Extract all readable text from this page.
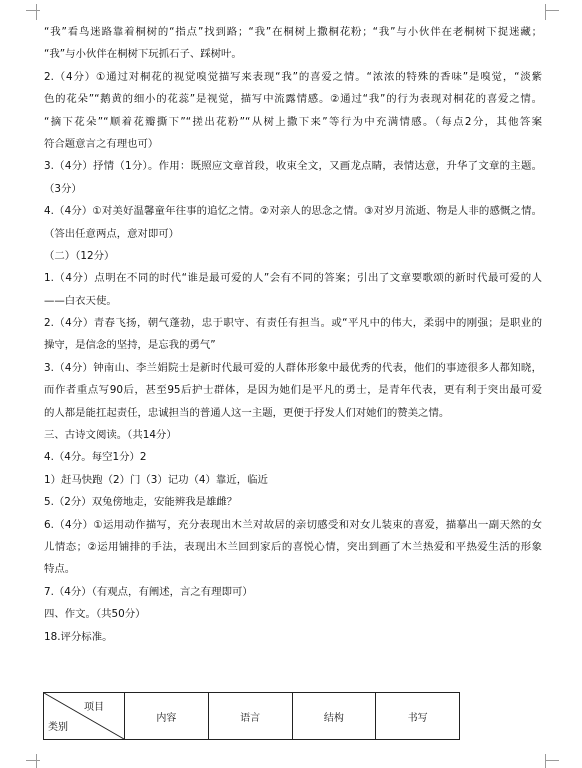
“我”看鸟迷路靠着桐树的“指点”找到路；“我”在桐树上撒桐花粉；“我”与小伙伴在老桐树下捉迷藏；
“我”与小伙伴在桐树下玩抓石子、踩树叶。
2.（4分）①通过对桐花的视觉嗅觉描写来表现“我”的喜爱之情。“浓浓的特殊的香味”是嗅觉，“淡紫
色的花朵”“鹅黄的细小的花蕊”是视觉，描写中流露情感。②通过“我”的行为表现对桐花的喜爱之情。
“摘下花朵”“顺着花瓣撕下”“搓出花粉”“从树上撒下来”等行为中充满情感。（每点2分，其他答案
符合题意言之有理也可）
3.（4分）抒情（1分）。作用：既照应文章首段，收束全文，又画龙点睛，表情达意，升华了文章的主题。
（3分）
4.（4分）①对美好温馨童年往事的追忆之情。②对亲人的思念之情。③对岁月流逝、物是人非的感慨之情。
（答出任意两点，意对即可）
（二）（12分）
1.（4分）点明在不同的时代“谁是最可爱的人”会有不同的答案；引出了文章要歌颂的新时代最可爱的人
——白衣天使。
2.（4分）青春飞扬，朝气蓬勃，忠于职守、有责任有担当。或“平凡中的伟大，柔弱中的刚强；是职业的
操守，是信念的坚持，是忘我的勇气”
3.（4分）钟南山、李兰娟院士是新时代最可爱的人群体形象中最优秀的代表，他们的事迹很多人都知晓，
而作者重点写90后，甚至95后护士群体，是因为她们是平凡的勇士，是青年代表，更有利于突出最可爱
的人都是能扛起责任，忠诚担当的普通人这一主题，更便于抒发人们对她们的赞美之情。
三、古诗文阅读。（共14分）
4.（4分。每空1分）2
1）赶马快跑（2）门（3）记功（4）靠近，临近
5.（2分）双兔傍地走，安能辨我是雄雌？
6.（4分）①运用动作描写，充分表现出木兰对故居的亲切感受和对女儿装束的喜爱，描摹出一副天然的女
儿情态；②运用铺排的手法，表现出木兰回到家后的喜悦心情，突出到画了木兰热爱和平热爱生活的形象
特点。
7.（4分）（有观点，有阐述，言之有理即可）
四、作文。（共50分）
18.评分标准。
项目
类别
	内容	语言	结构	书写
